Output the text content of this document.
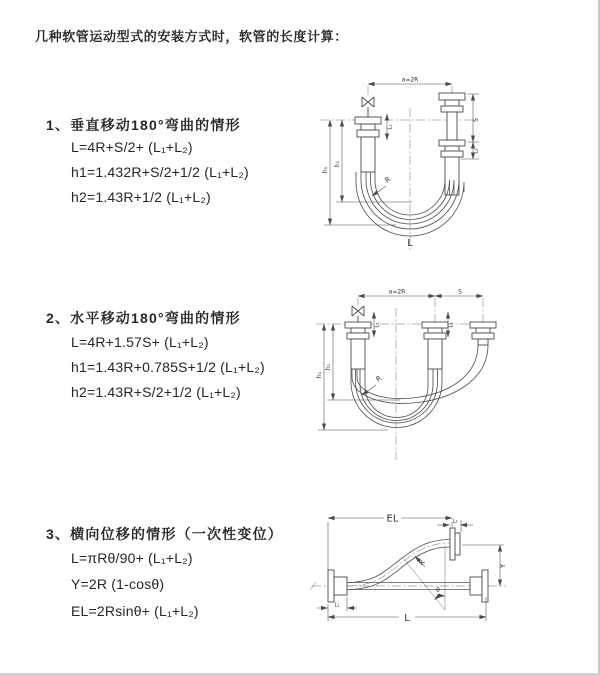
几种软管运动型式的安装方式时，软管的长度计算：
1、垂直移动180°弯曲的情形
L=4R+S/2+ (L₁+L₂)
h1=1.432R+S/2+1/2 (L₁+L₂)
h2=1.43R+1/2 (L₁+L₂)
2、水平移动180°弯曲的情形
L=4R+1.57S+ (L₁+L₂)
h1=1.43R+0.785S+1/2 (L₁+L₂)
h2=1.43R+S/2+1/2 (L₁+L₂)
3、横向位移的情形（一次性变位）
L=πRθ/90+ (L₁+L₂)
Y=2R (1-cosθ)
EL=2Rsinθ+ (L₁+L₂)
a=2R
S
L₂
L₁
h₁
h₂
R
L
a=2R	S
L₁	L₂
h₁
h₂
R
θ
R
EL	L₂
Y
L
L₁
